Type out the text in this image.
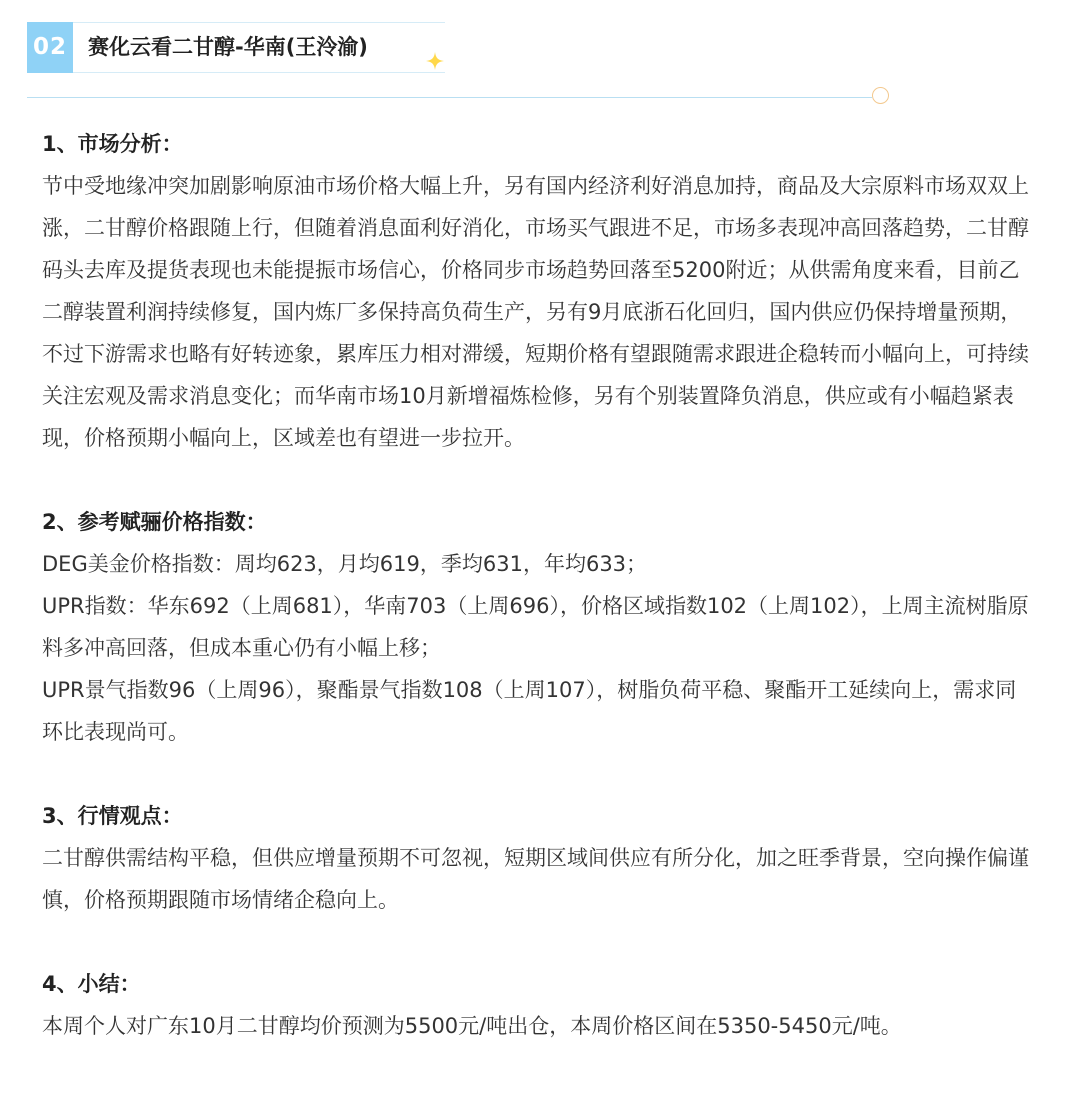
02 赛化云看二甘醇-华南(王泠渝)
1、市场分析：

节中受地缘冲突加剧影响原油市场价格大幅上升，另有国内经济利好消息加持，商品及大宗原料市场双双上涨，二甘醇价格跟随上行，但随着消息面利好消化，市场买气跟进不足，市场多表现冲高回落趋势，二甘醇码头去库及提货表现也未能提振市场信心，价格同步市场趋势回落至5200附近；从供需角度来看，目前乙二醇装置利润持续修复，国内炼厂多保持高负荷生产，另有9月底浙石化回归，国内供应仍保持增量预期，不过下游需求也略有好转迹象，累库压力相对滞缓，短期价格有望跟随需求跟进企稳转而小幅向上，可持续关注宏观及需求消息变化；而华南市场10月新增福炼检修，另有个别装置降负消息，供应或有小幅趋紧表现，价格预期小幅向上，区域差也有望进一步拉开。

2、参考赋骊价格指数：

DEG美金价格指数：周均623，月均619，季均631，年均633；

UPR指数：华东692（上周681），华南703（上周696），价格区域指数102（上周102），上周主流树脂原料多冲高回落，但成本重心仍有小幅上移；

UPR景气指数96（上周96），聚酯景气指数108（上周107），树脂负荷平稳、聚酯开工延续向上，需求同环比表现尚可。

3、行情观点：

二甘醇供需结构平稳，但供应增量预期不可忽视，短期区域间供应有所分化，加之旺季背景，空向操作偏谨慎，价格预期跟随市场情绪企稳向上。

4、小结：

本周个人对广东10月二甘醇均价预测为5500元/吨出仓，本周价格区间在5350-5450元/吨。
